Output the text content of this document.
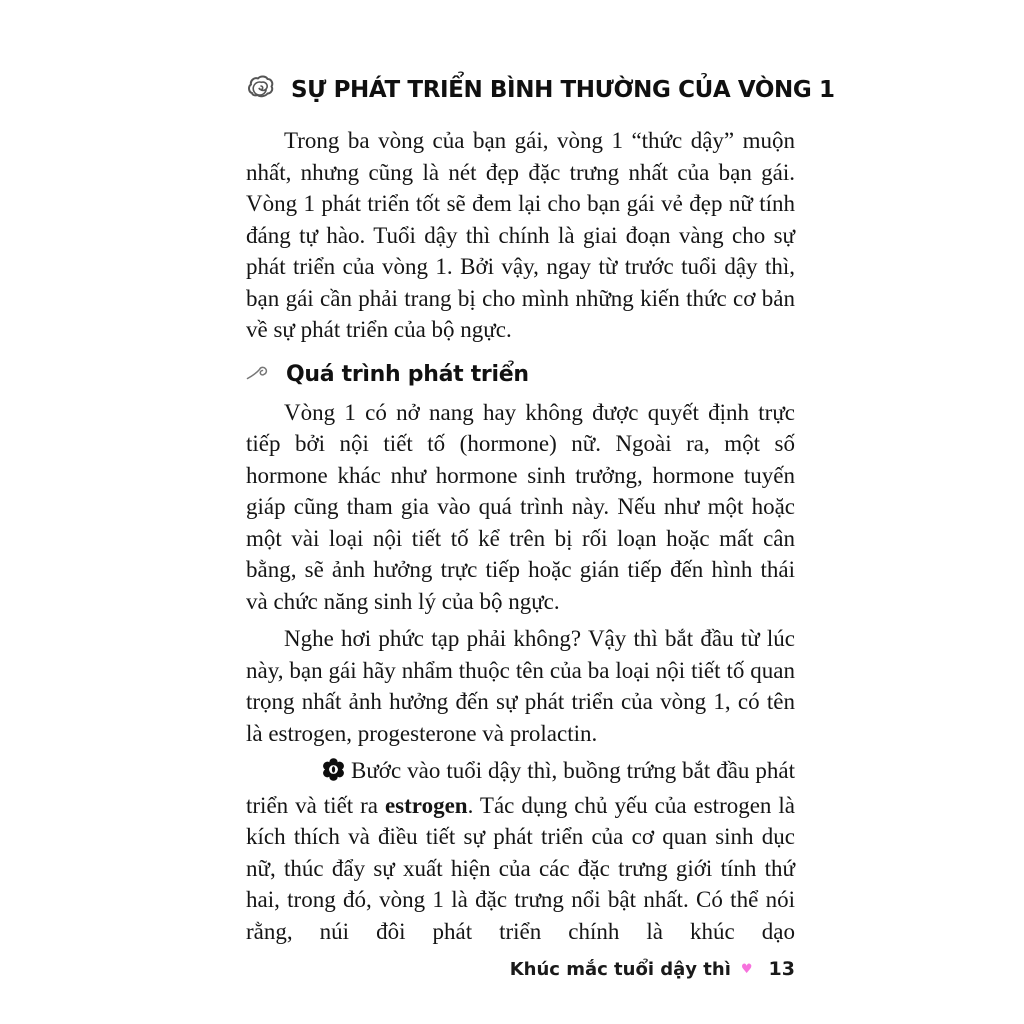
SỰ PHÁT TRIỂN BÌNH THƯỜNG CỦA VÒNG 1

Trong ba vòng của bạn gái, vòng 1 “thức dậy” muộn nhất, nhưng cũng là nét đẹp đặc trưng nhất của bạn gái. Vòng 1 phát triển tốt sẽ đem lại cho bạn gái vẻ đẹp nữ tính đáng tự hào. Tuổi dậy thì chính là giai đoạn vàng cho sự phát triển của vòng 1. Bởi vậy, ngay từ trước tuổi dậy thì, bạn gái cần phải trang bị cho mình những kiến thức cơ bản về sự phát triển của bộ ngực.

Quá trình phát triển

Vòng 1 có nở nang hay không được quyết định trực tiếp bởi nội tiết tố (hormone) nữ. Ngoài ra, một số hormone khác như hormone sinh trưởng, hormone tuyến giáp cũng tham gia vào quá trình này. Nếu như một hoặc một vài loại nội tiết tố kể trên bị rối loạn hoặc mất cân bằng, sẽ ảnh hưởng trực tiếp hoặc gián tiếp đến hình thái và chức năng sinh lý của bộ ngực.

Nghe hơi phức tạp phải không? Vậy thì bắt đầu từ lúc này, bạn gái hãy nhẩm thuộc tên của ba loại nội tiết tố quan trọng nhất ảnh hưởng đến sự phát triển của vòng 1, có tên là estrogen, progesterone và prolactin.

Bước vào tuổi dậy thì, buồng trứng bắt đầu phát triển và tiết ra estrogen. Tác dụng chủ yếu của estrogen là kích thích và điều tiết sự phát triển của cơ quan sinh dục nữ, thúc đẩy sự xuất hiện của các đặc trưng giới tính thứ hai, trong đó, vòng 1 là đặc trưng nổi bật nhất. Có thể nói rằng, núi đôi phát triển chính là khúc dạo

Khúc mắc tuổi dậy thì ♥ 13
